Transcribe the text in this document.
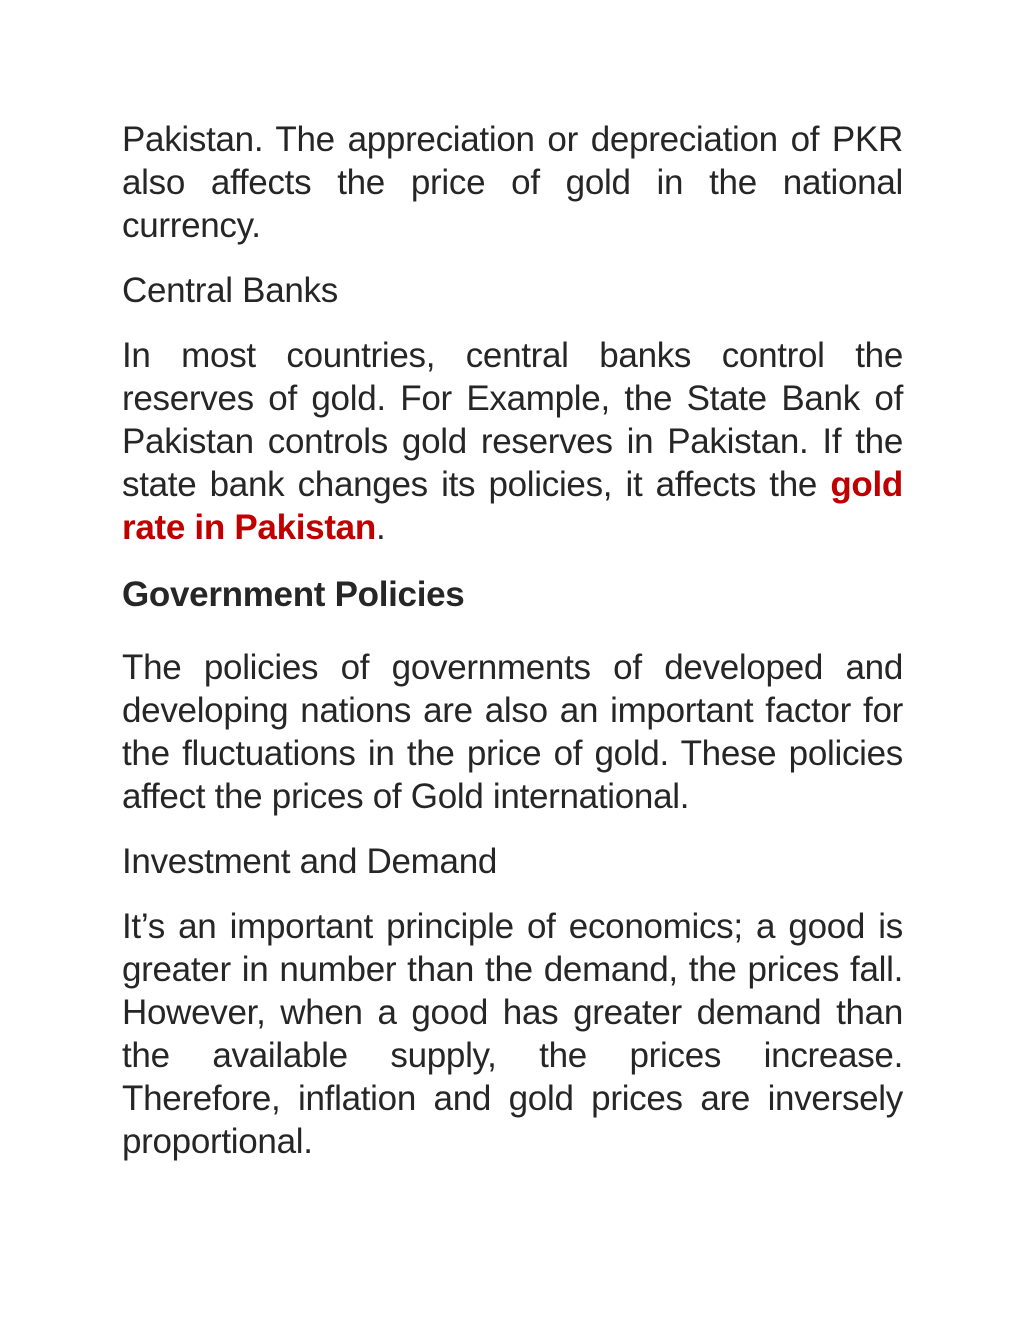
Pakistan. The appreciation or depreciation of PKR also affects the price of gold in the national currency.

Central Banks

In most countries, central banks control the reserves of gold. For Example, the State Bank of Pakistan controls gold reserves in Pakistan. If the state bank changes its policies, it affects the gold rate in Pakistan.

Government Policies

The policies of governments of developed and developing nations are also an important factor for the fluctuations in the price of gold. These policies affect the prices of Gold international.

Investment and Demand

It’s an important principle of economics; a good is greater in number than the demand, the prices fall. However, when a good has greater demand than the available supply, the prices increase. Therefore, inflation and gold prices are inversely proportional.
